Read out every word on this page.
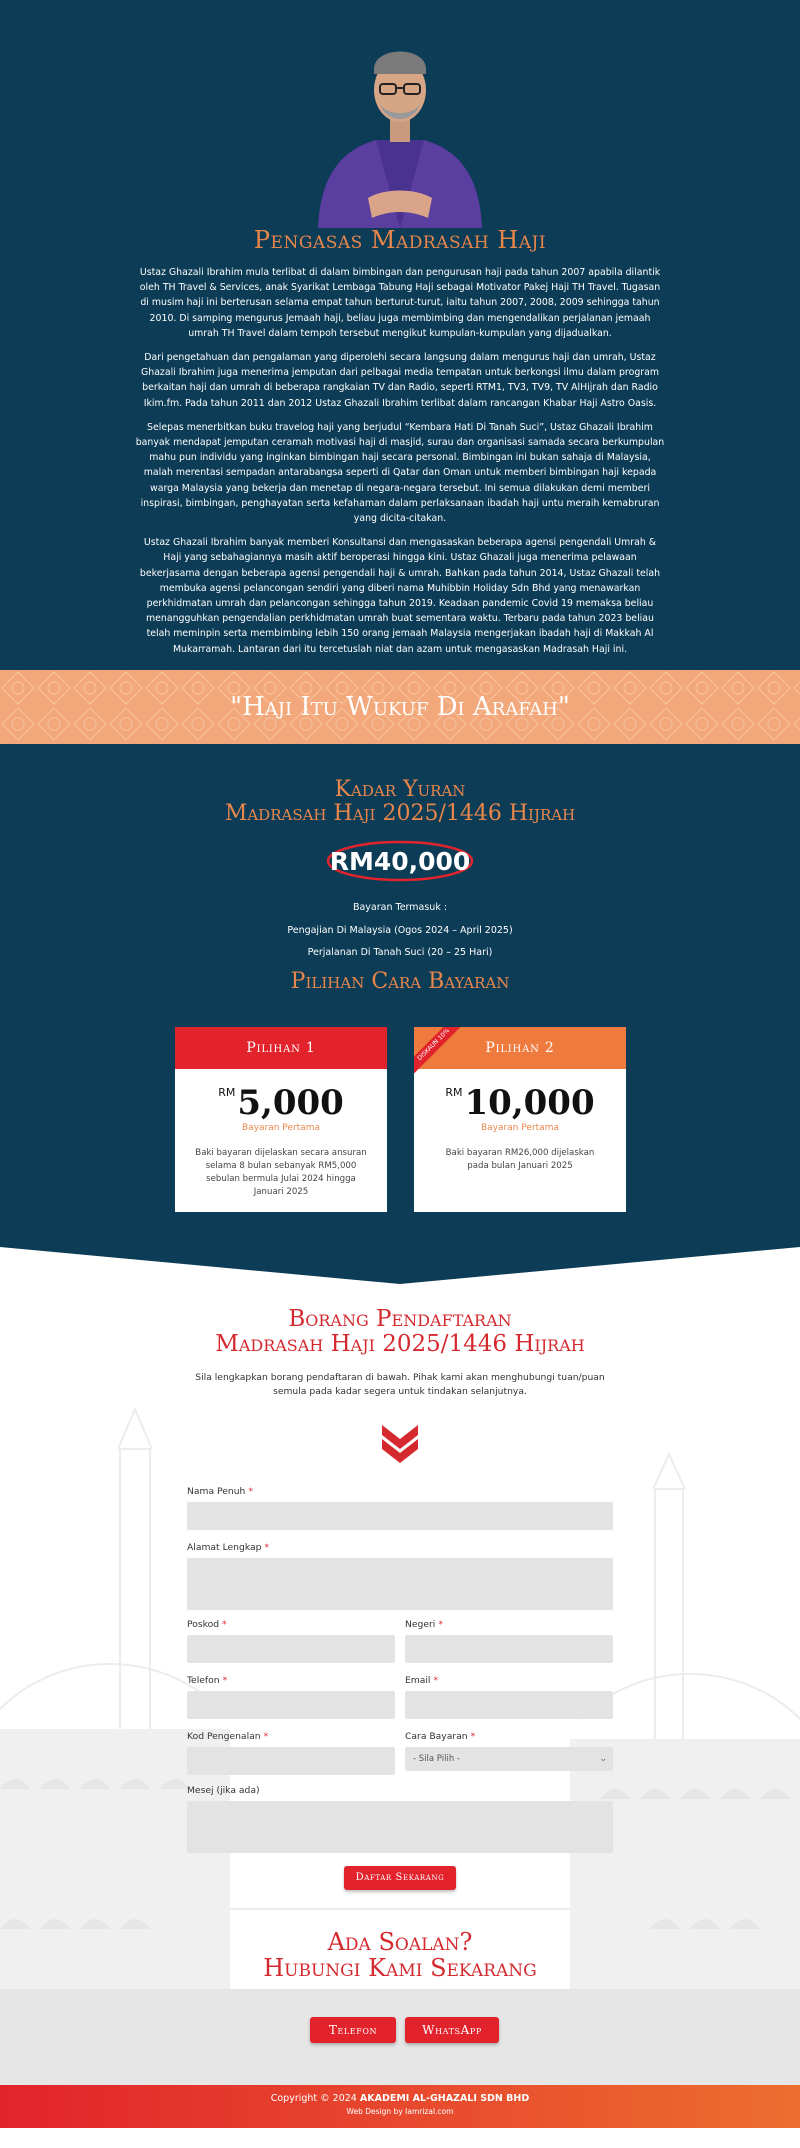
Pengasas Madrasah Haji

Ustaz Ghazali Ibrahim mula terlibat di dalam bimbingan dan pengurusan haji pada tahun 2007 apabila dilantik oleh TH Travel & Services, anak Syarikat Lembaga Tabung Haji sebagai Motivator Pakej Haji TH Travel. Tugasan di musim haji ini berterusan selama empat tahun berturut-turut, iaitu tahun 2007, 2008, 2009 sehingga tahun 2010. Di samping mengurus Jemaah haji, beliau juga membimbing dan mengendalikan perjalanan jemaah umrah TH Travel dalam tempoh tersebut mengikut kumpulan-kumpulan yang dijadualkan.

Dari pengetahuan dan pengalaman yang diperolehi secara langsung dalam mengurus haji dan umrah, Ustaz Ghazali Ibrahim juga menerima jemputan dari pelbagai media tempatan untuk berkongsi ilmu dalam program berkaitan haji dan umrah di beberapa rangkaian TV dan Radio, seperti RTM1, TV3, TV9, TV AlHijrah dan Radio Ikim.fm. Pada tahun 2011 dan 2012 Ustaz Ghazali Ibrahim terlibat dalam rancangan Khabar Haji Astro Oasis.

Selepas menerbitkan buku travelog haji yang berjudul “Kembara Hati Di Tanah Suci”, Ustaz Ghazali Ibrahim banyak mendapat jemputan ceramah motivasi haji di masjid, surau dan organisasi samada secara berkumpulan mahu pun individu yang inginkan bimbingan haji secara personal. Bimbingan ini bukan sahaja di Malaysia, malah merentasi sempadan antarabangsa seperti di Qatar dan Oman untuk memberi bimbingan haji kepada warga Malaysia yang bekerja dan menetap di negara-negara tersebut. Ini semua dilakukan demi memberi inspirasi, bimbingan, penghayatan serta kefahaman dalam perlaksanaan ibadah haji untu meraih kemabruran yang dicita-citakan.

Ustaz Ghazali Ibrahim banyak memberi Konsultansi dan mengasaskan beberapa agensi pengendali Umrah & Haji yang sebahagiannya masih aktif beroperasi hingga kini. Ustaz Ghazali juga menerima pelawaan bekerjasama dengan beberapa agensi pengendali haji & umrah. Bahkan pada tahun 2014, Ustaz Ghazali telah membuka agensi pelancongan sendiri yang diberi nama Muhibbin Holiday Sdn Bhd yang menawarkan perkhidmatan umrah dan pelancongan sehingga tahun 2019. Keadaan pandemic Covid 19 memaksa beliau menangguhkan pengendalian perkhidmatan umrah buat sementara waktu. Terbaru pada tahun 2023 beliau telah meminpin serta membimbing lebih 150 orang jemaah Malaysia mengerjakan ibadah haji di Makkah Al Mukarramah. Lantaran dari itu tercetuslah niat dan azam untuk mengasaskan Madrasah Haji ini.

"Haji Itu Wukuf Di Arafah"
Kadar Yuran
Madrasah Haji 2025/1446 Hijrah
RM40,000
Bayaran Termasuk :
Pengajian Di Malaysia (Ogos 2024 – April 2025)
Perjalanan Di Tanah Suci (20 – 25 Hari)
Pilihan Cara Bayaran
Pilihan 1
$^{RM}$5,000
Bayaran Pertama
Baki bayaran dijelaskan secara ansuran selama 8 bulan sebanyak RM5,000 sebulan bermula Julai 2024 hingga Januari 2025
Pilihan 2
DISKAUN 10%
$^{RM}$10,000
Bayaran Pertama
Baki bayaran RM26,000 dijelaskan pada bulan Januari 2025
Borang Pendaftaran
Madrasah Haji 2025/1446 Hijrah
Sila lengkapkan borang pendaftaran di bawah. Pihak kami akan menghubungi tuan/puan semula pada kadar segera untuk tindakan selanjutnya.
Nama Penuh *
Alamat Lengkap *
Poskod *	Negeri *
Telefon *	Email *
Kod Pengenalan *	Cara Bayaran *
- Sila Pilih -	⌄
Mesej (jika ada)
Daftar Sekarang
Ada Soalan?
Hubungi Kami Sekarang
Telefon	WhatsApp
Copyright © 2024 AKADEMI AL-GHAZALI SDN BHD
Web Design by Iamrizal.com
